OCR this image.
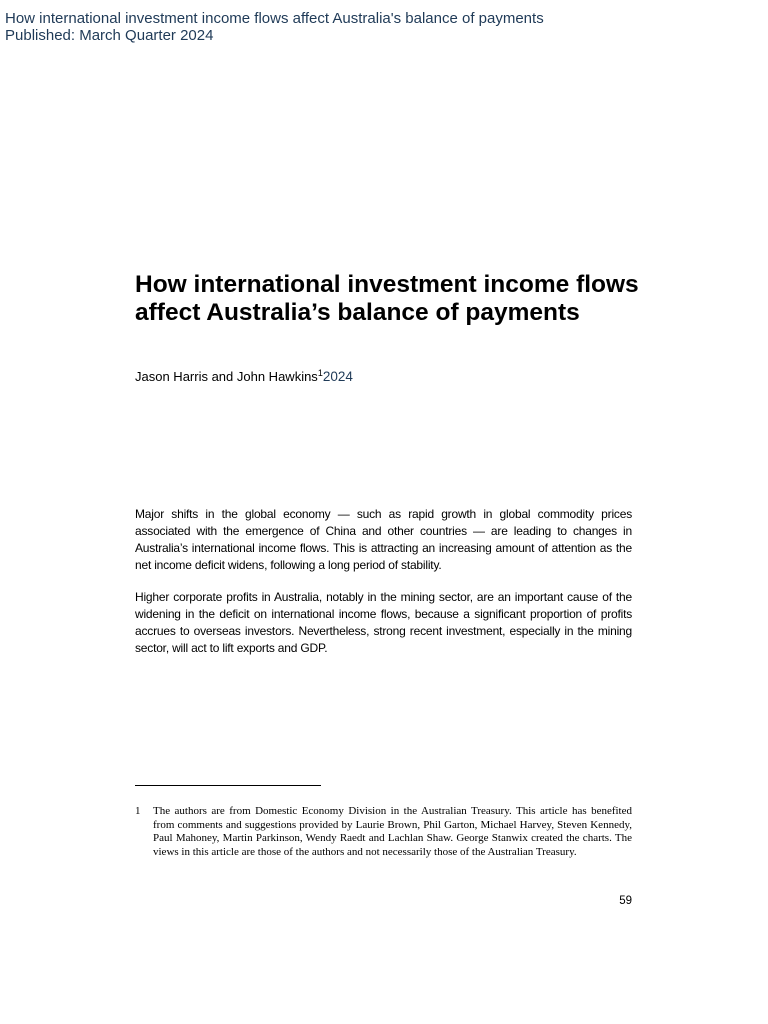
How international investment income flows affect Australia's balance of payments
Published: March Quarter 2024
How international investment income flows affect Australia’s balance of payments
Jason Harris and John Hawkins$^1$2024

Major shifts in the global economy — such as rapid growth in global commodity prices associated with the emergence of China and other countries — are leading to changes in Australia’s international income flows. This is attracting an increasing amount of attention as the net income deficit widens, following a long period of stability.

Higher corporate profits in Australia, notably in the mining sector, are an important cause of the widening in the deficit on international income flows, because a significant proportion of profits accrues to overseas investors. Nevertheless, strong recent investment, especially in the mining sector, will act to lift exports and GDP.

1	The authors are from Domestic Economy Division in the Australian Treasury. This article has benefited from comments and suggestions provided by Laurie Brown, Phil Garton, Michael Harvey, Steven Kennedy, Paul Mahoney, Martin Parkinson, Wendy Raedt and Lachlan Shaw. George Stanwix created the charts. The views in this article are those of the authors and not necessarily those of the Australian Treasury.
59
